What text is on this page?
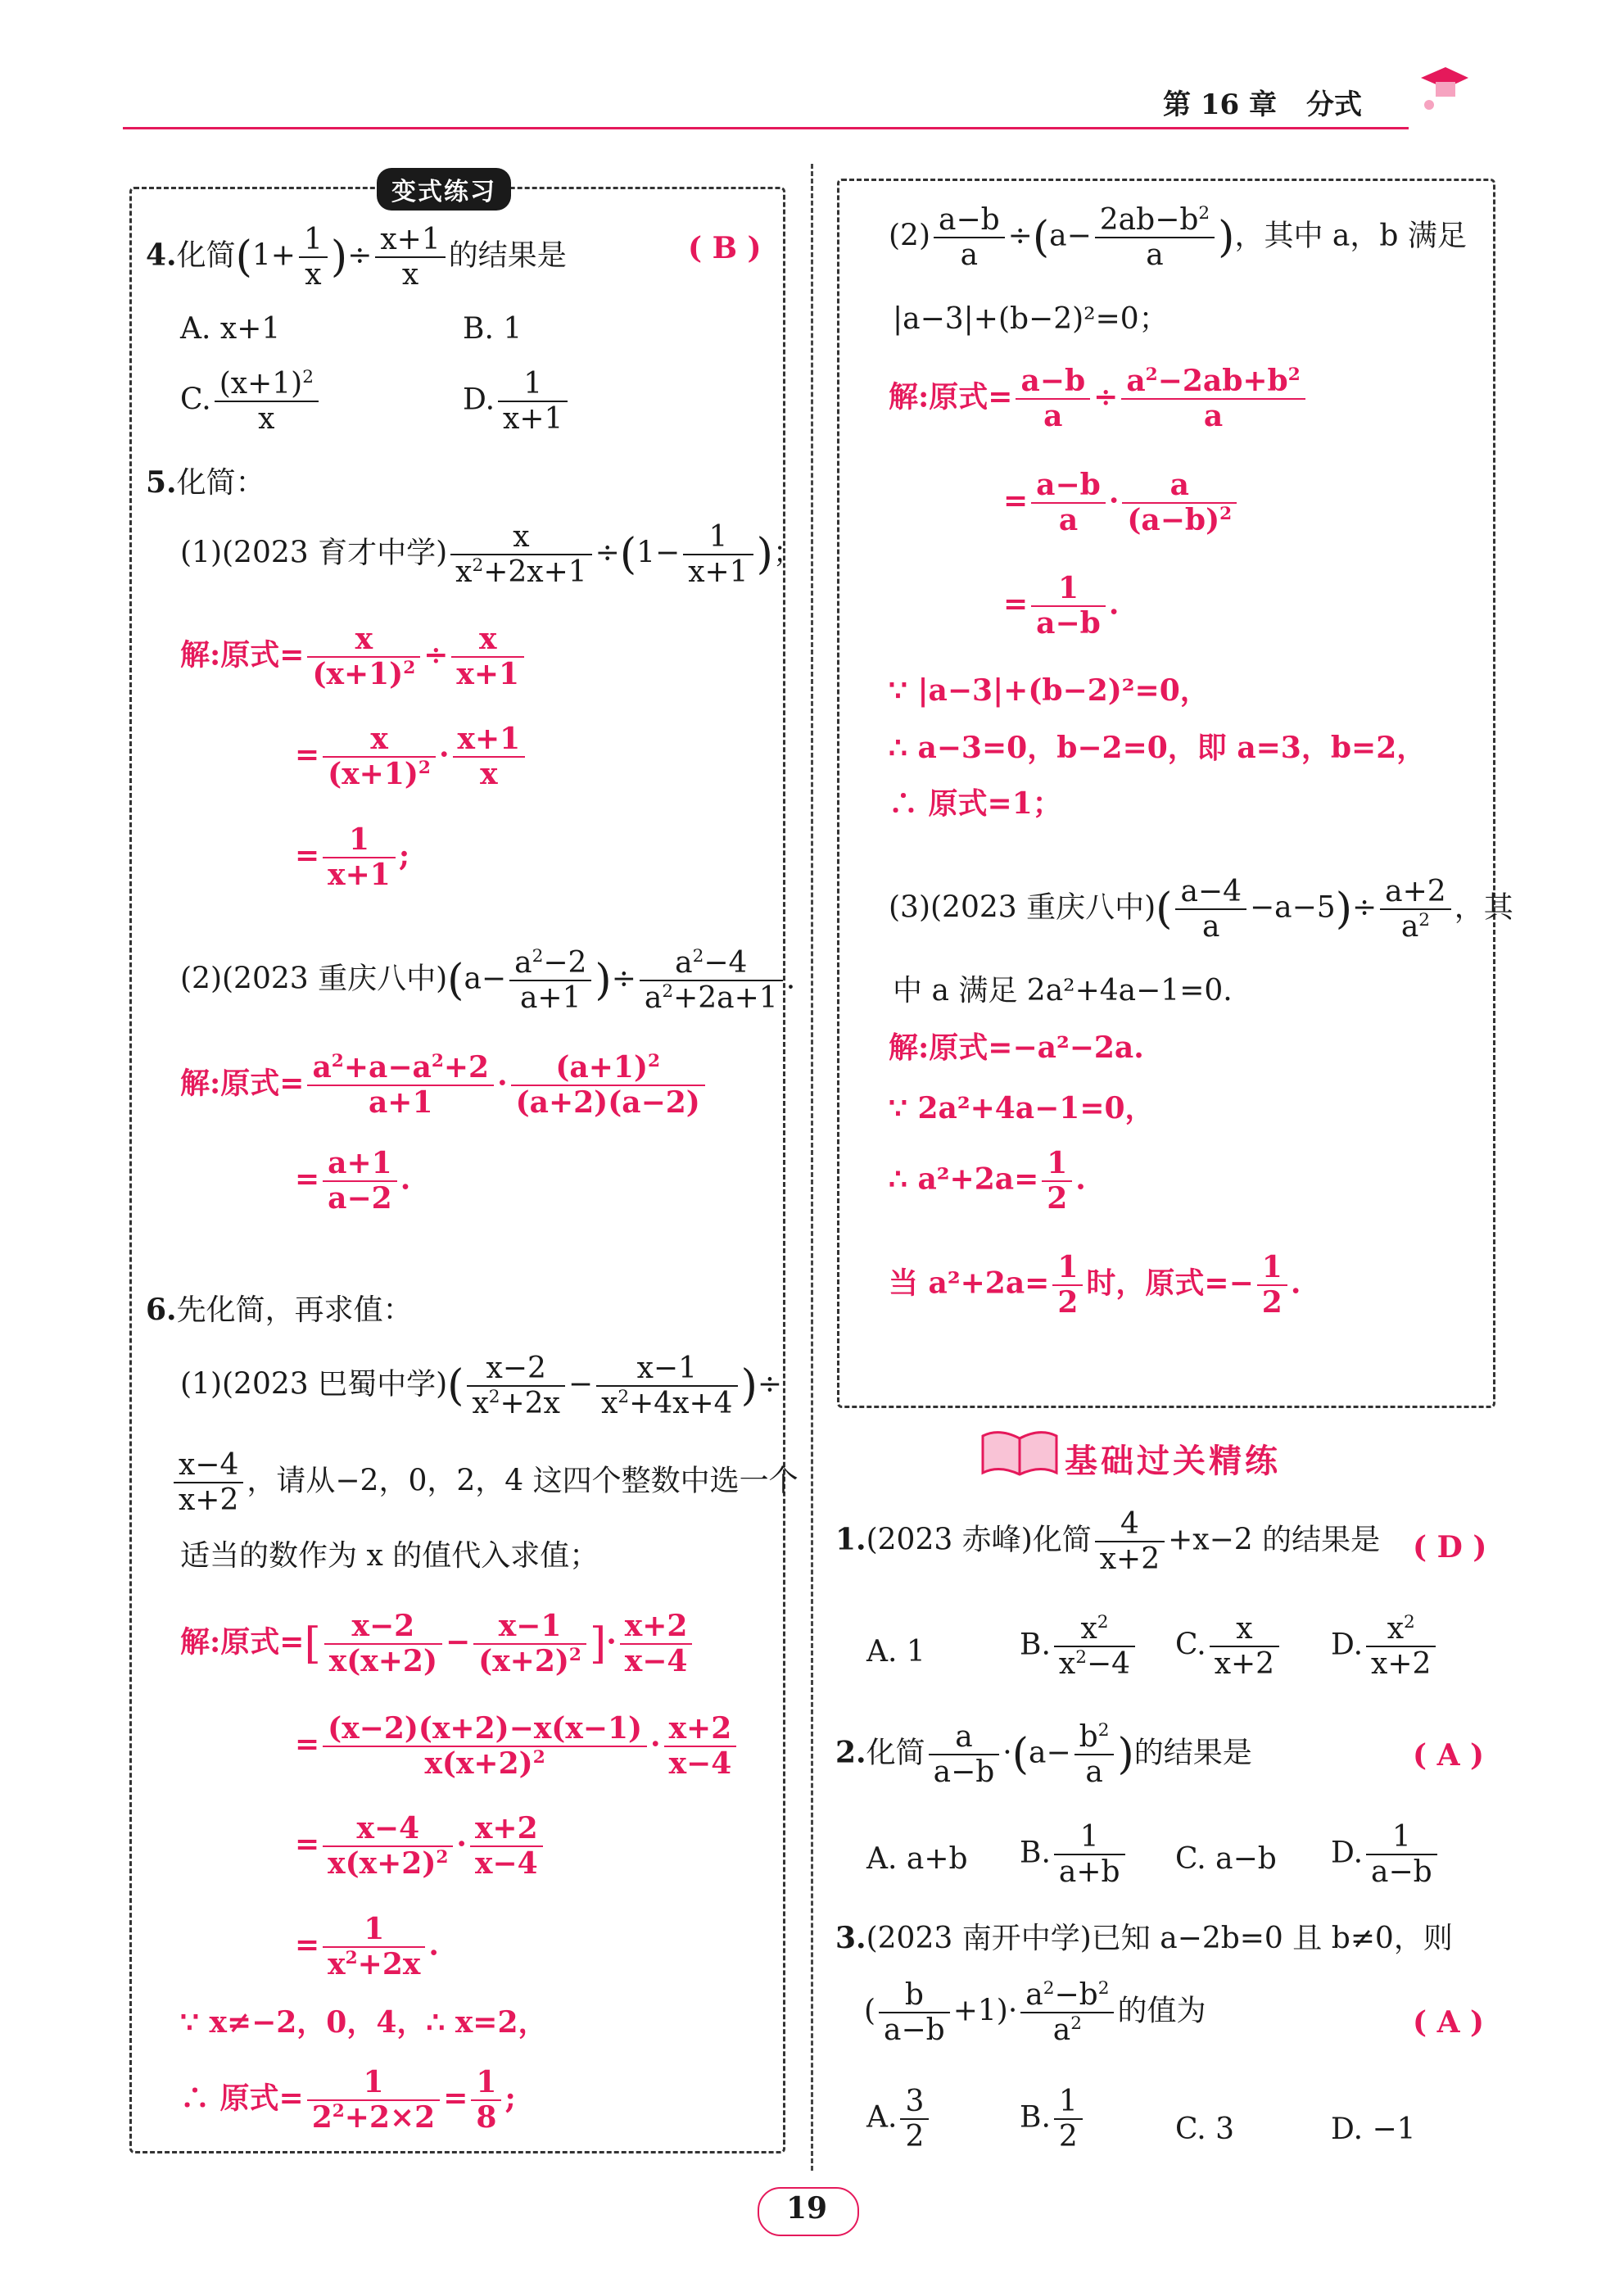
第 16 章 分式
变式练习
4.化简($1+ \frac{1}{x}$ )÷ $\frac{x+1}{x}$ 的结果是	( B )
A. x+1	B. 1
C. $\frac{(x+1)^2}{x}$	D. $\frac{1}{x+1}$
5.化简：
(1)(2023 育才中学) $\frac{x}{x^2+2x+1} \div(1- \frac{1}{x+1}$ )；
解:原式= $\frac{x}{(x+1)^2} \div \frac{x}{x+1}$
= $\frac{x}{(x+1)^2} \cdot \frac{x+1}{x}$
= $\frac{1}{x+1}$ ;
(2)(2023 重庆八中)($a- \frac{a^2-2}{a+1}$ )÷ $\frac{a^2-4}{a^2+2a+1}$ .
解:原式= $\frac{a^2+a-a^2+2}{a+1} \cdot \frac{(a+1)^2}{(a+2)(a-2)}$
= $\frac{a+1}{a-2}$ .
6.先化简，再求值：
(1)(2023 巴蜀中学)( $\frac{x-2}{x^2+2x} - \frac{x-1}{x^2+4x+4}$ )÷
$\frac{x-4}{x+2}$ ，请从−2，0，2，4 这四个整数中选一个
适当的数作为 x 的值代入求值；
解:原式=[ $\frac{x-2}{x(x+2)} - \frac{x-1}{(x+2)^2}$ ]· $\frac{x+2}{x-4}$
= $\frac{(x-2)(x+2)-x(x-1)}{x(x+2)^2} \cdot \frac{x+2}{x-4}$
= $\frac{x-4}{x(x+2)^2} \cdot \frac{x+2}{x-4}$
= $\frac{1}{x^2+2x}$ .
∵ x≠−2，0，4，∴ x=2，
∴ 原式= $\frac{1}{2^2+2\times 2} = \frac{1}{8}$ ;
$(2) \frac{a-b}{a} \div(a- \frac{2ab-b^2}{a}$ )，其中 a，b 满足
|a−3|+(b−2)²=0；
解:原式= $\frac{a-b}{a} \div \frac{a^2-2ab+b^2}{a}$
= $\frac{a-b}{a} \cdot \frac{a}{(a-b)^2}$
= $\frac{1}{a-b}$ .
∵ |a−3|+(b−2)²=0，
∴ a−3=0，b−2=0，即 a=3，b=2，
∴ 原式=1；
(3)(2023 重庆八中)( $\frac{a-4}{a} -a-5)\div \frac{a+2}{a^2}$ ，其
中 a 满足 2a²+4a−1=0.
解:原式=−a²−2a.
∵ 2a²+4a−1=0，
∴ $a^2+2a= \frac{1}{2}$ .
当 $a^2+2a= \frac{1}{2}$ 时，原式=− $\frac{1}{2}$ .
基础过关精练
1.(2023 赤峰)化简 $\frac{4}{x+2} +x-2$ 的结果是 ( D )
A. 1	B. $\frac{x^2}{x^2-4} C$. $\frac{x}{x+2} D$. $\frac{x^2}{x+2}$
2.化简 $\frac{a}{a-b} \cdot(a- \frac{b^2}{a}$ )的结果是	( A )
A. a+b B. $\frac{1}{a+b} C$. a−b D. $\frac{1}{a-b}$
3.(2023 南开中学)已知 a−2b=0 且 b≠0，则
( $\frac{b}{a-b} +1)\cdot \frac{a^2-b^2}{a^2}$ 的值为	( A )
A. $\frac{3}{2}$	B. $\frac{1}{2}$	C. 3	D. −1
19
